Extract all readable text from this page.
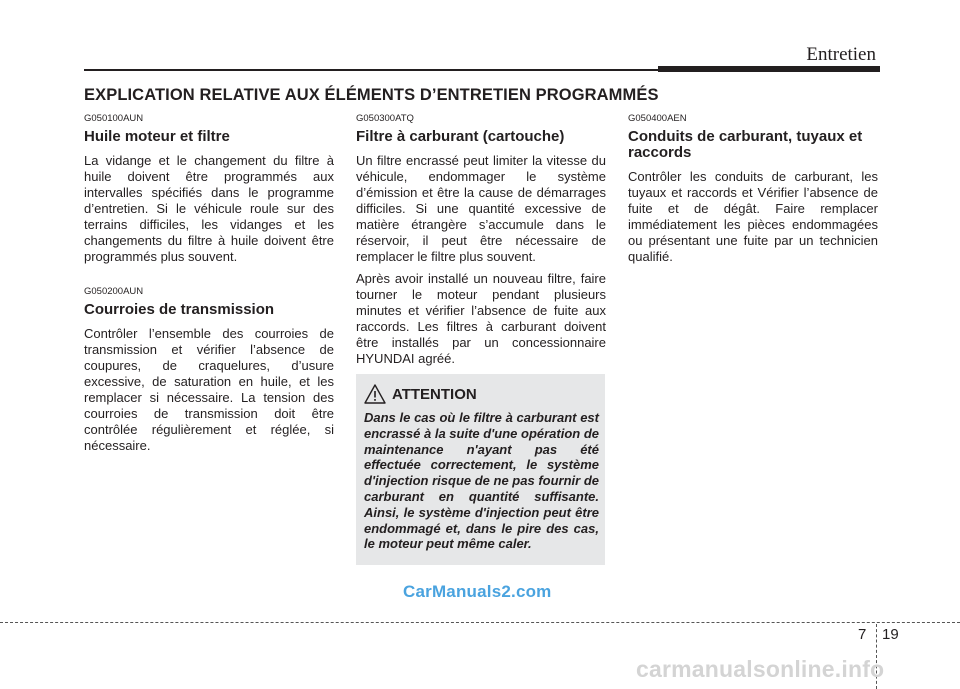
Entretien
EXPLICATION RELATIVE AUX ÉLÉMENTS D’ENTRETIEN PROGRAMMÉS

G050100AUN

Huile moteur et filtre

La vidange et le changement du filtre à huile doivent être programmés aux intervalles spécifiés dans le programme d’entretien. Si le véhicule roule sur des terrains difficiles, les vidanges et les changements du filtre à huile doivent être programmés plus souvent.

G050200AUN

Courroies de transmission

Contrôler l’ensemble des courroies de transmission et vérifier l’absence de coupures, de craquelures, d’usure excessive, de saturation en huile, et les remplacer si nécessaire. La tension des courroies de transmission doit être contrôlée régulièrement et réglée, si nécessaire.

G050300ATQ

Filtre à carburant (cartouche)

Un filtre encrassé peut limiter la vitesse du véhicule, endommager le système d’émission et être la cause de démarrages difficiles. Si une quantité excessive de matière étrangère s’accumule dans le réservoir, il peut être nécessaire de remplacer le filtre plus souvent.

Après avoir installé un nouveau filtre, faire tourner le moteur pendant plusieurs minutes et vérifier l’absence de fuite aux raccords. Les filtres à carburant doivent être installés par un concessionnaire HYUNDAI agréé.

ATTENTION

Dans le cas où le filtre à carburant est encrassé à la suite d'une opération de maintenance n'ayant pas été effectuée correctement, le système d'injection risque de ne pas fournir de carburant en quantité suffisante. Ainsi, le système d'injection peut être endommagé et, dans le pire des cas, le moteur peut même caler.

G050400AEN

Conduits de carburant, tuyaux et raccords

Contrôler les conduits de carburant, les tuyaux et raccords et Vérifier l’absence de fuite et de dégât. Faire remplacer immédiatement les pièces endommagées ou présentant une fuite par un technicien qualifié.

CarManuals2.com
7 19
carmanualsonline.info
